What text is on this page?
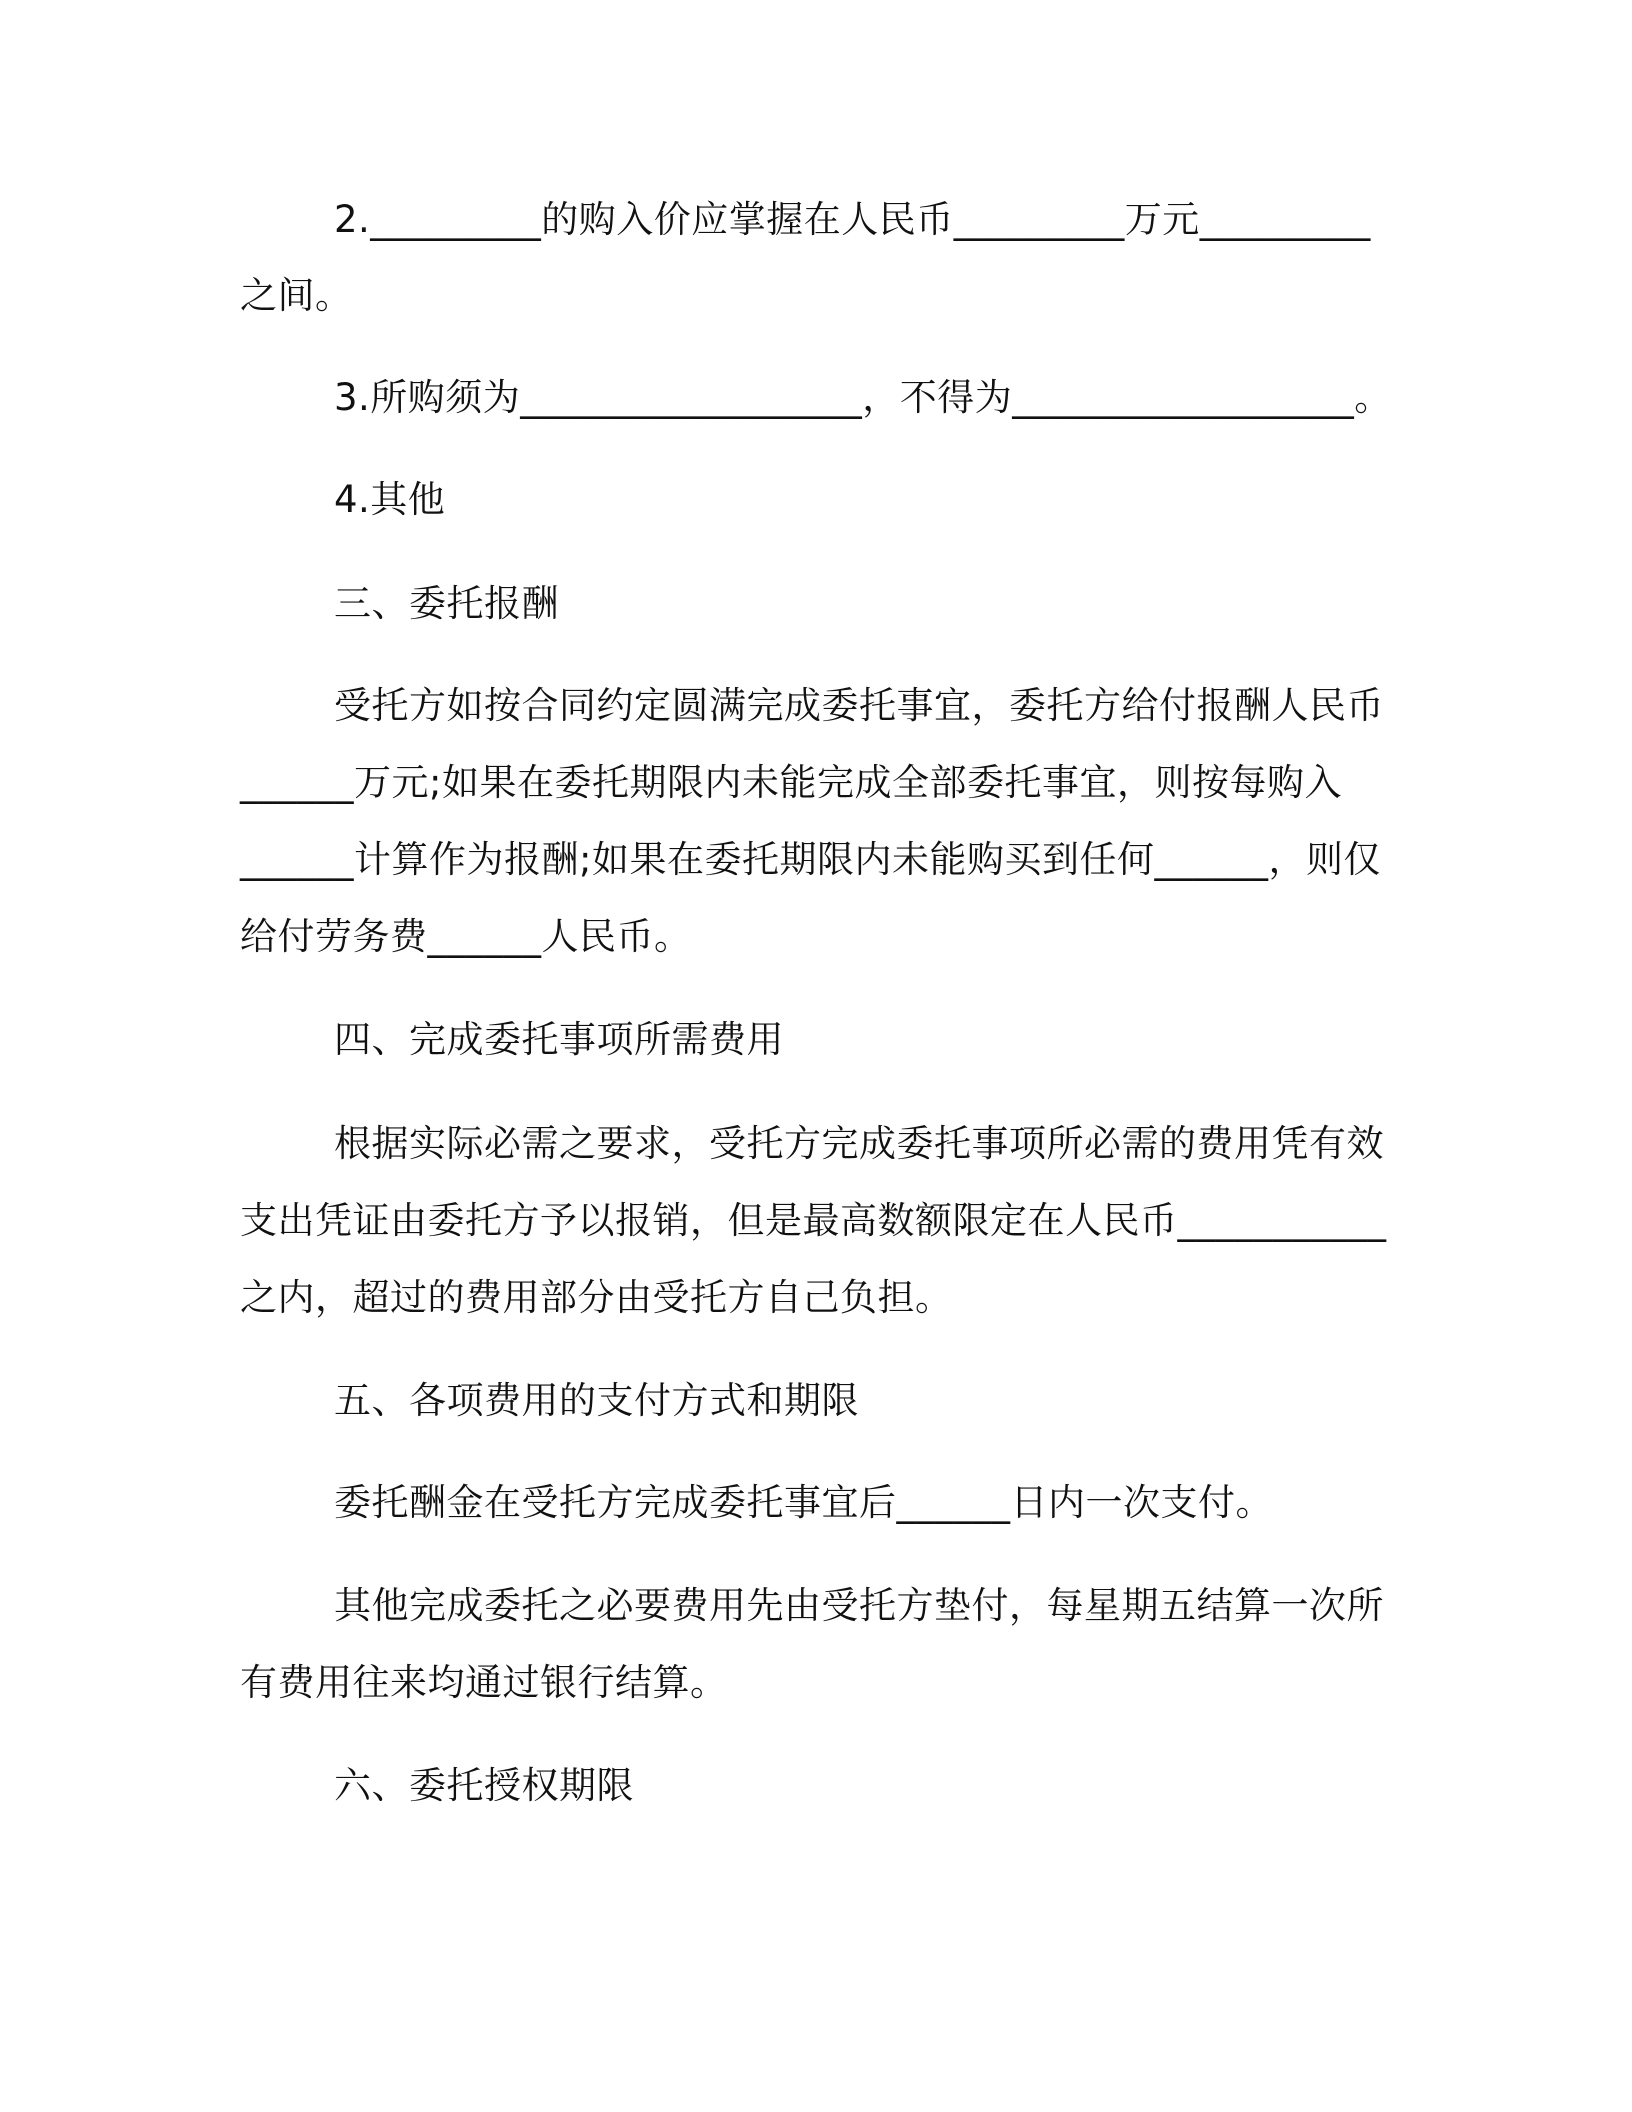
2._________的购入价应掌握在人民币_________万元_________
之间。
3.所购须为__________________，不得为__________________。
4.其他
三、委托报酬
受托方如按合同约定圆满完成委托事宜，委托方给付报酬人民币
______万元;如果在委托期限内未能完成全部委托事宜，则按每购入
______计算作为报酬;如果在委托期限内未能购买到任何______，则仅
给付劳务费______人民币。
四、完成委托事项所需费用
根据实际必需之要求，受托方完成委托事项所必需的费用凭有效
支出凭证由委托方予以报销，但是最高数额限定在人民币___________
之内，超过的费用部分由受托方自己负担。
五、各项费用的支付方式和期限
委托酬金在受托方完成委托事宜后______日内一次支付。
其他完成委托之必要费用先由受托方垫付，每星期五结算一次所
有费用往来均通过银行结算。
六、委托授权期限
